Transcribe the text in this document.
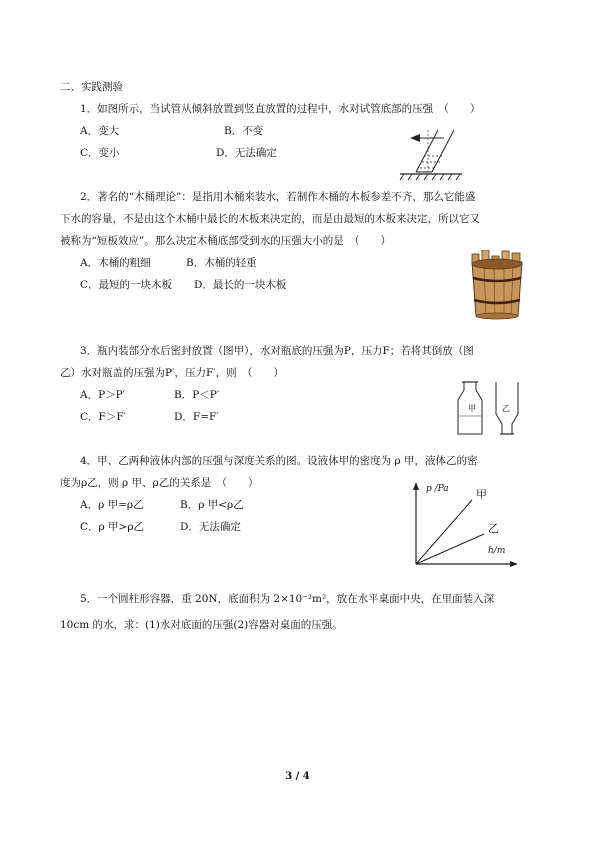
二、实践测验
1．如图所示，当试管从倾斜放置到竖直放置的过程中，水对试管底部的压强　（　　）
A．变大	B．不变
C．变小	D．无法确定
2．著名的“木桶理论”：是指用木桶来装水，若制作木桶的木板参差不齐，那么它能盛
下水的容量，不是由这个木桶中最长的木板来决定的，而是由最短的木板来决定，所以它又
被称为“短板效应”。那么决定木桶底部受到水的压强大小的是　（　　）
A．木桶的粗细	B．木桶的轻重
C．最短的一块木板 D．最长的一块木板
3．瓶内装部分水后密封放置（图甲），水对瓶底的压强为P，压力F；若将其倒放（图
乙）水对瓶盖的压强为P′，压力F′，则　（　　）
A．P＞P′	B．P＜P′
C．F＞F′	D．F=F′
甲	乙
4．甲、乙两种液体内部的压强与深度关系的图。设液体甲的密度为 ρ 甲，液体乙的密
度为ρ乙，则 ρ 甲、ρ乙的关系是　（　　）
A．ρ 甲=ρ乙	B．ρ 甲<ρ乙
C．ρ 甲>ρ乙	D．无法确定
p /Pa
h/m
甲
乙
5．一个圆柱形容器，重 20N，底面积为 2×10⁻²m²，放在水平桌面中央，在里面装入深
10cm 的水，求：(1)水对底面的压强(2)容器对桌面的压强。
3 / 4
